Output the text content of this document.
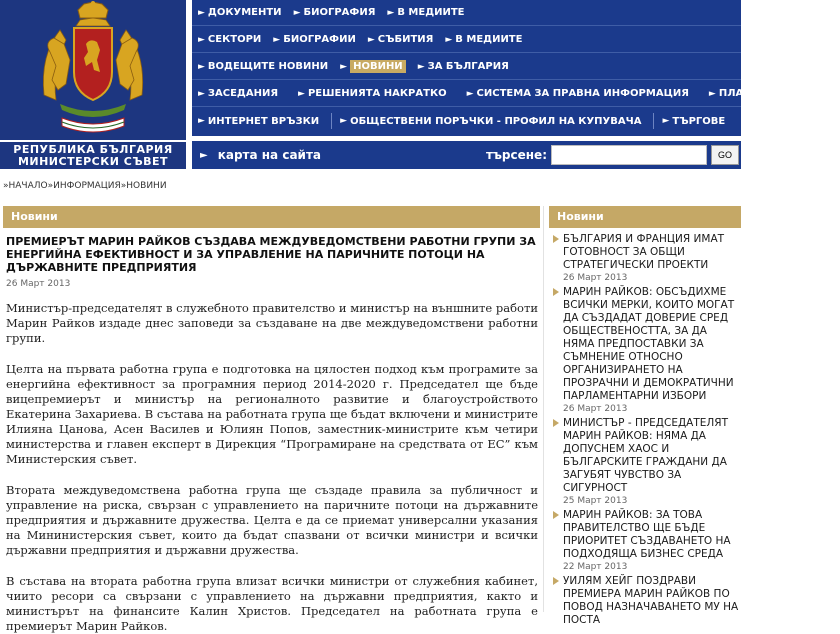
РЕПУБЛИКА БЪЛГАРИЯ
МИНИСТЕРСКИ СЪВЕТ
► ДОКУМЕНТИ ► БИОГРАФИЯ ► В МЕДИИТЕ
► СЕКТОРИ ► БИОГРАФИИ ► СЪБИТИЯ ► В МЕДИИТЕ
► ВОДЕЩИТЕ НОВИНИ ► НОВИНИ	► ЗА БЪЛГАРИЯ
► ЗАСЕДАНИЯ ► РЕШЕНИЯТА НАКРАТКО ► СИСТЕМА ЗА ПРАВНА ИНФОРМАЦИЯ ► ПЛАЩАНИЯ В СЕБРА
► ИНТЕРНЕТ ВРЪЗКИ ► ОБЩЕСТВЕНИ ПОРЪЧКИ - ПРОФИЛ НА КУПУВАЧА ► ТЪРГОВЕ
► карта на сайта	търсене:	GO
»НАЧАЛО»ИНФОРМАЦИЯ»НОВИНИ
Новини	Новини
ПРЕМИЕРЪТ МАРИН РАЙКОВ СЪЗДАВА МЕЖДУВЕДОМСТВЕНИ РАБОТНИ ГРУПИ ЗА ЕНЕРГИЙНА ЕФЕКТИВНОСТ И ЗА УПРАВЛЕНИЕ НА ПАРИЧНИТЕ ПОТОЦИ НА ДЪРЖАВНИТЕ ПРЕДПРИЯТИЯ
26 Март 2013

Министър-председателят в служебното правителство и министър на външните работи Марин Райков издаде днес заповеди за създаване на две междуведомствени работни групи.

Целта на първата работна група е подготовка на цялостен подход към програмите за енергийна ефективност за програмния период 2014-2020 г. Председател ще бъде вицепремиерът и министър на регионалното развитие и благоустройството Екатерина Захариева. В състава на работната група ще бъдат включени и министрите Илияна Цанова, Асен Василев и Юлиян Попов, заместник-министрите към четири министерства и главен експерт в Дирекция “Програмиране на средствата от ЕС” към Министерския съвет.

Втората междуведомствена работна група ще създаде правила за публичност и управление на риска, свързан с управлението на паричните потоци на държавните предприятия и държавните дружества. Целта е да се приемат универсални указания на Мининистерския съвет, които да бъдат спазвани от всички министри и всички държавни предприятия и държавни дружества.

В състава на втората работна група влизат всички министри от служебния кабинет, чиито ресори са свързани с управлението на държавни предприятия, както и министърът на финансите Калин Христов. Председател на работната група е премиерът Марин Райков.

БЪЛГАРИЯ И ФРАНЦИЯ ИМАТ ГОТОВНОСТ ЗА ОБЩИ СТРАТЕГИЧЕСКИ ПРОЕКТИ
26 Март 2013
МАРИН РАЙКОВ: ОБСЪДИХМЕ ВСИЧКИ МЕРКИ, КОИТО МОГАТ ДА СЪЗДАДАТ ДОВЕРИЕ СРЕД ОБЩЕСТВЕНОСТТА, ЗА ДА НЯМА ПРЕДПОСТАВКИ ЗА СЪМНЕНИЕ ОТНОСНО ОРГАНИЗИРАНЕТО НА ПРОЗРАЧНИ И ДЕМОКРАТИЧНИ ПАРЛАМЕНТАРНИ ИЗБОРИ
26 Март 2013
МИНИСТЪР - ПРЕДСЕДАТЕЛЯТ МАРИН РАЙКОВ: НЯМА ДА ДОПУСНЕМ ХАОС И БЪЛГАРСКИТЕ ГРАЖДАНИ ДА ЗАГУБЯТ ЧУВСТВО ЗА СИГУРНОСТ
25 Март 2013
МАРИН РАЙКОВ: ЗА ТОВА ПРАВИТЕЛСТВО ЩЕ БЪДЕ ПРИОРИТЕТ СЪЗДАВАНЕТО НА ПОДХОДЯЩА БИЗНЕС СРЕДА
22 Март 2013
УИЛЯМ ХЕЙГ ПОЗДРАВИ ПРЕМИЕРА МАРИН РАЙКОВ ПО ПОВОД НАЗНАЧАВАНЕТО МУ НА ПОСТА
